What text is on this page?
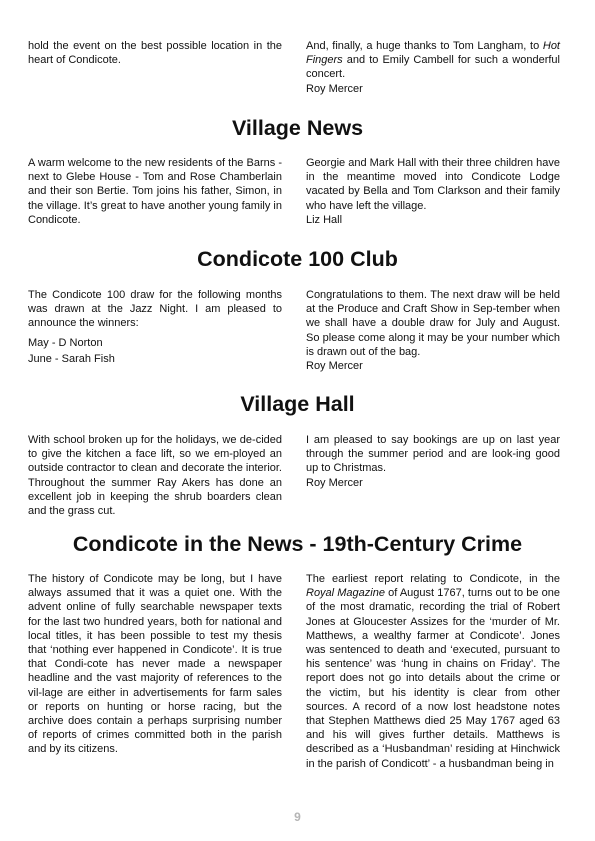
hold the event on the best possible location in the heart of Condicote.

And, finally, a huge thanks to Tom Langham, to Hot Fingers and to Emily Cambell for such a wonderful concert.

Roy Mercer

Village News

A warm welcome to the new residents of the Barns - next to Glebe House - Tom and Rose Chamberlain and their son Bertie. Tom joins his father, Simon, in the village. It’s great to have another young family in Condicote.

Georgie and Mark Hall with their three children have in the meantime moved into Condicote Lodge vacated by Bella and Tom Clarkson and their family who have left the village.

Liz Hall

Condicote 100 Club

The Condicote 100 draw for the following months was drawn at the Jazz Night. I am pleased to announce the winners:

May - D Norton

June - Sarah Fish

Congratulations to them. The next draw will be held at the Produce and Craft Show in Sep-tember when we shall have a double draw for July and August. So please come along it may be your number which is drawn out of the bag.

Roy Mercer

Village Hall

With school broken up for the holidays, we de-cided to give the kitchen a face lift, so we em-ployed an outside contractor to clean and decorate the interior. Throughout the summer Ray Akers has done an excellent job in keeping the shrub boarders clean and the grass cut.

I am pleased to say bookings are up on last year through the summer period and are look-ing good up to Christmas.

Roy Mercer

Condicote in the News - 19th-Century Crime

The history of Condicote may be long, but I have always assumed that it was a quiet one. With the advent online of fully searchable newspaper texts for the last two hundred years, both for national and local titles, it has been possible to test my thesis that ‘nothing ever happened in Condicote’. It is true that Condi-cote has never made a newspaper headline and the vast majority of references to the vil-lage are either in advertisements for farm sales or reports on hunting or horse racing, but the archive does contain a perhaps surprising number of reports of crimes committed both in the parish and by its citizens.

The earliest report relating to Condicote, in the Royal Magazine of August 1767, turns out to be one of the most dramatic, recording the trial of Robert Jones at Gloucester Assizes for the ‘murder of Mr. Matthews, a wealthy farmer at Condicote’. Jones was sentenced to death and ‘executed, pursuant to his sentence’ was ‘hung in chains on Friday’. The report does not go into details about the crime or the victim, but his identity is clear from other sources. A record of a now lost headstone notes that Stephen Matthews died 25 May 1767 aged 63 and his will gives further details. Matthews is described as a ‘Husbandman’ residing at Hinchwick in the parish of Condicott’ - a husbandman being in

9
